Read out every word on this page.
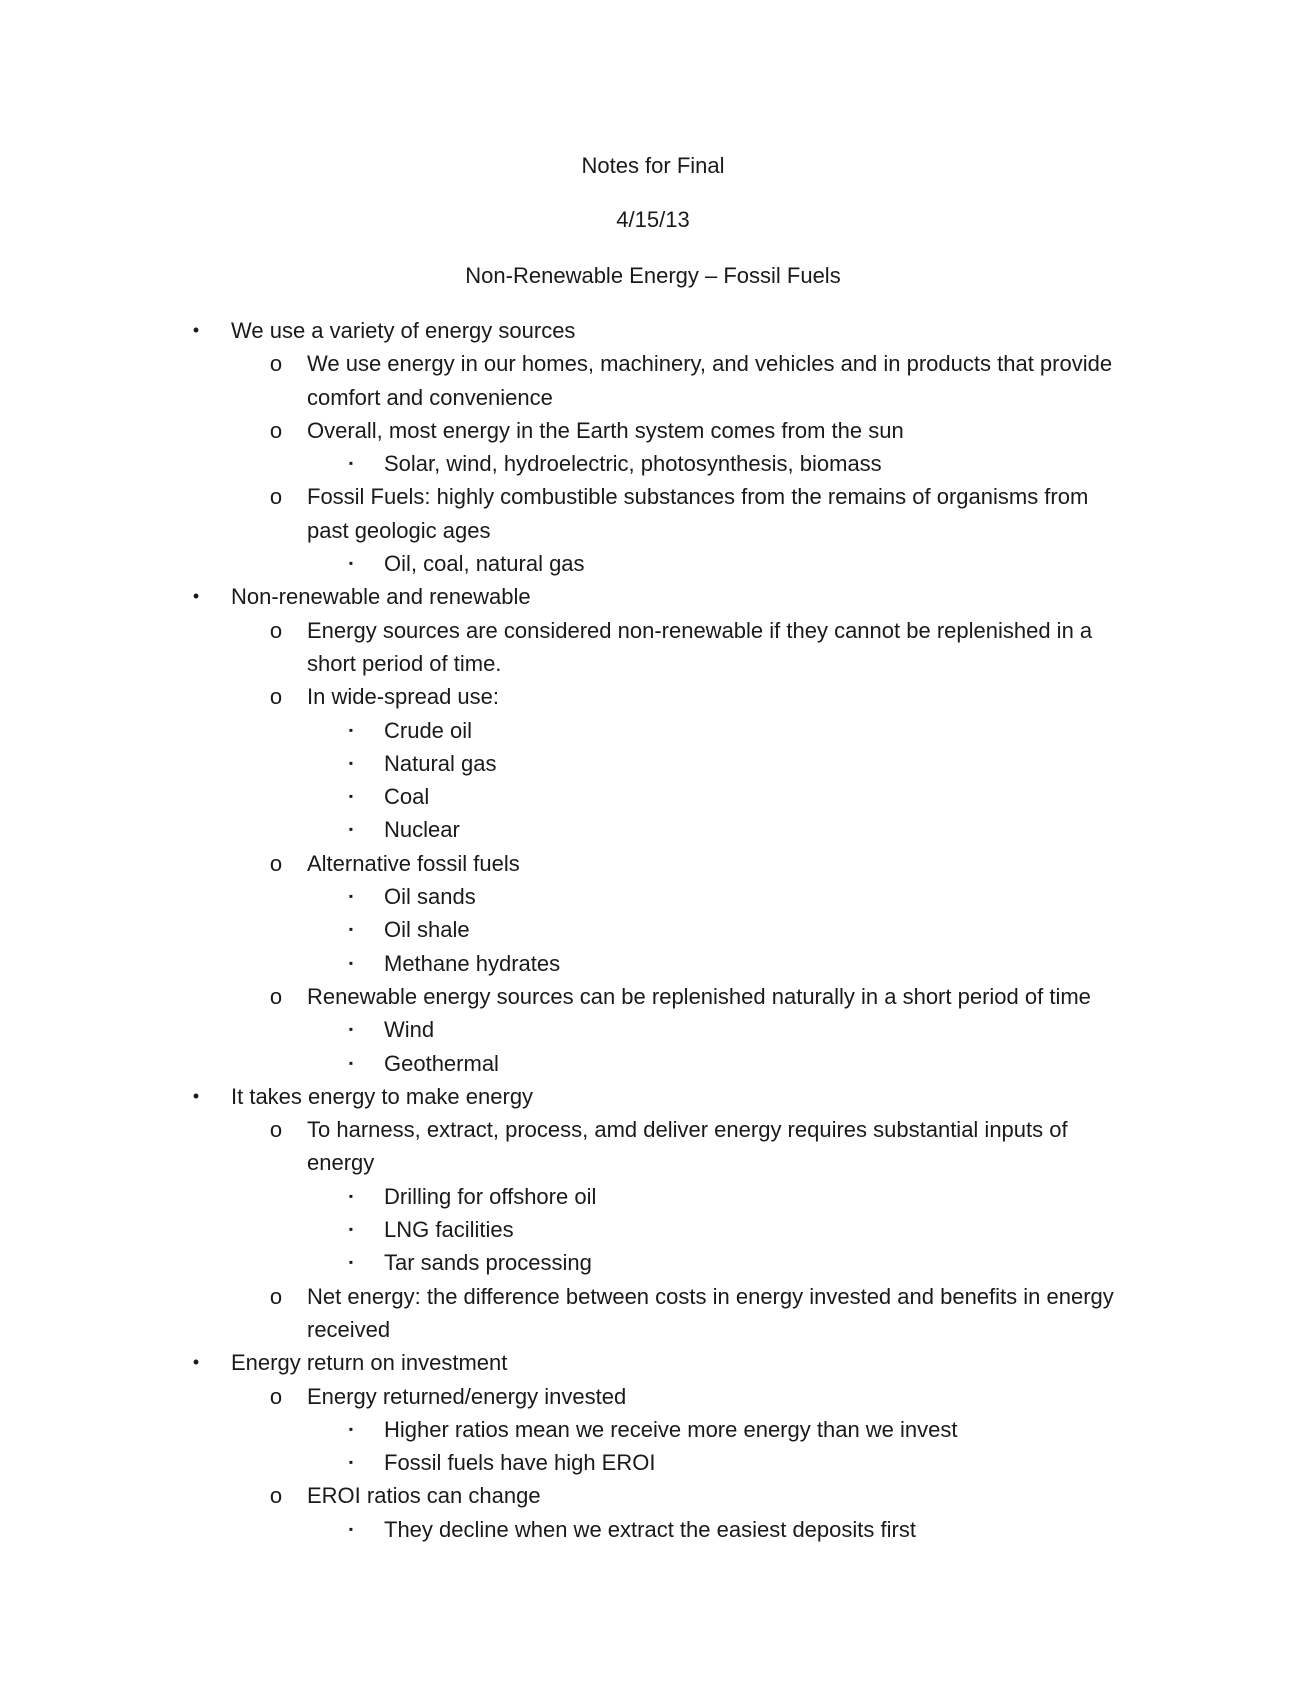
Notes for Final
4/15/13
Non-Renewable Energy – Fossil Fuels
•	We use a variety of energy sources
o We use energy in our homes, machinery, and vehicles and in products that provide comfort and convenience
o Overall, most energy in the Earth system comes from the sun
▪	Solar, wind, hydroelectric, photosynthesis, biomass
o Fossil Fuels: highly combustible substances from the remains of organisms from past geologic ages
▪	Oil, coal, natural gas
•	Non-renewable and renewable
o Energy sources are considered non-renewable if they cannot be replenished in a short period of time.
o In wide-spread use:
▪	Crude oil
▪	Natural gas
▪	Coal
▪	Nuclear
o Alternative fossil fuels
▪	Oil sands
▪	Oil shale
▪	Methane hydrates
o Renewable energy sources can be replenished naturally in a short period of time
▪	Wind
▪	Geothermal
•	It takes energy to make energy
o To harness, extract, process, amd deliver energy requires substantial inputs of energy
▪	Drilling for offshore oil
▪	LNG facilities
▪	Tar sands processing
o Net energy: the difference between costs in energy invested and benefits in energy received
•	Energy return on investment
o Energy returned/energy invested
▪	Higher ratios mean we receive more energy than we invest
▪	Fossil fuels have high EROI
o EROI ratios can change
▪	They decline when we extract the easiest deposits first
